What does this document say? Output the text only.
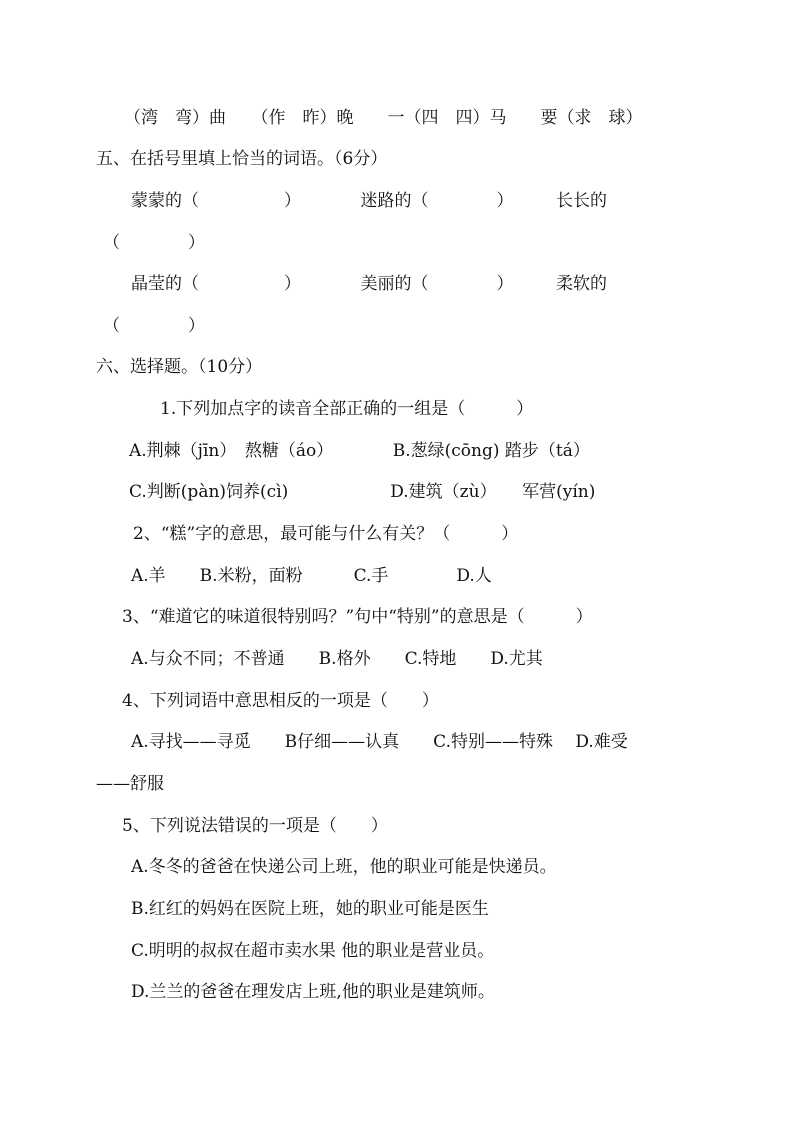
（湾　弯）曲　　（作　昨）晚　　一（四　四）马　　要（求　球）
五、在括号里填上恰当的词语。（6分）
蒙蒙的（　　　　　）　　　　迷路的（　　　　）　　　长长的
（　　　　）
晶莹的（　　　　　）　　　　美丽的（　　　　）　　　柔软的
（　　　　）
六、选择题。（10分）
1.下列加点字的读音全部正确的一组是（　　　）
A.荆棘（jīn）　熬糖（áo）　　　　B.葱绿(cōng) 踏步（tá）
C.判断(pàn)饲养(cì)　　　　　　D.建筑（zù）　　军营(yín)
2、“糕”字的意思，最可能与什么有关？（　　　）
A.羊　　B.米粉，面粉　　　C.手　　　　D.人
3、“难道它的味道很特别吗？”句中“特别”的意思是（　　　）
A.与众不同；不普通　　B.格外　　C.特地　　D.尤其
4、下列词语中意思相反的一项是（　　）
A.寻找——寻觅　　B仔细——认真　　C.特别——特殊　 D.难受
——舒服
5、下列说法错误的一项是（　　）
A.冬冬的爸爸在快递公司上班，他的职业可能是快递员。
B.红红的妈妈在医院上班，她的职业可能是医生
C.明明的叔叔在超市卖水果 他的职业是营业员。
D.兰兰的爸爸在理发店上班,他的职业是建筑师。
